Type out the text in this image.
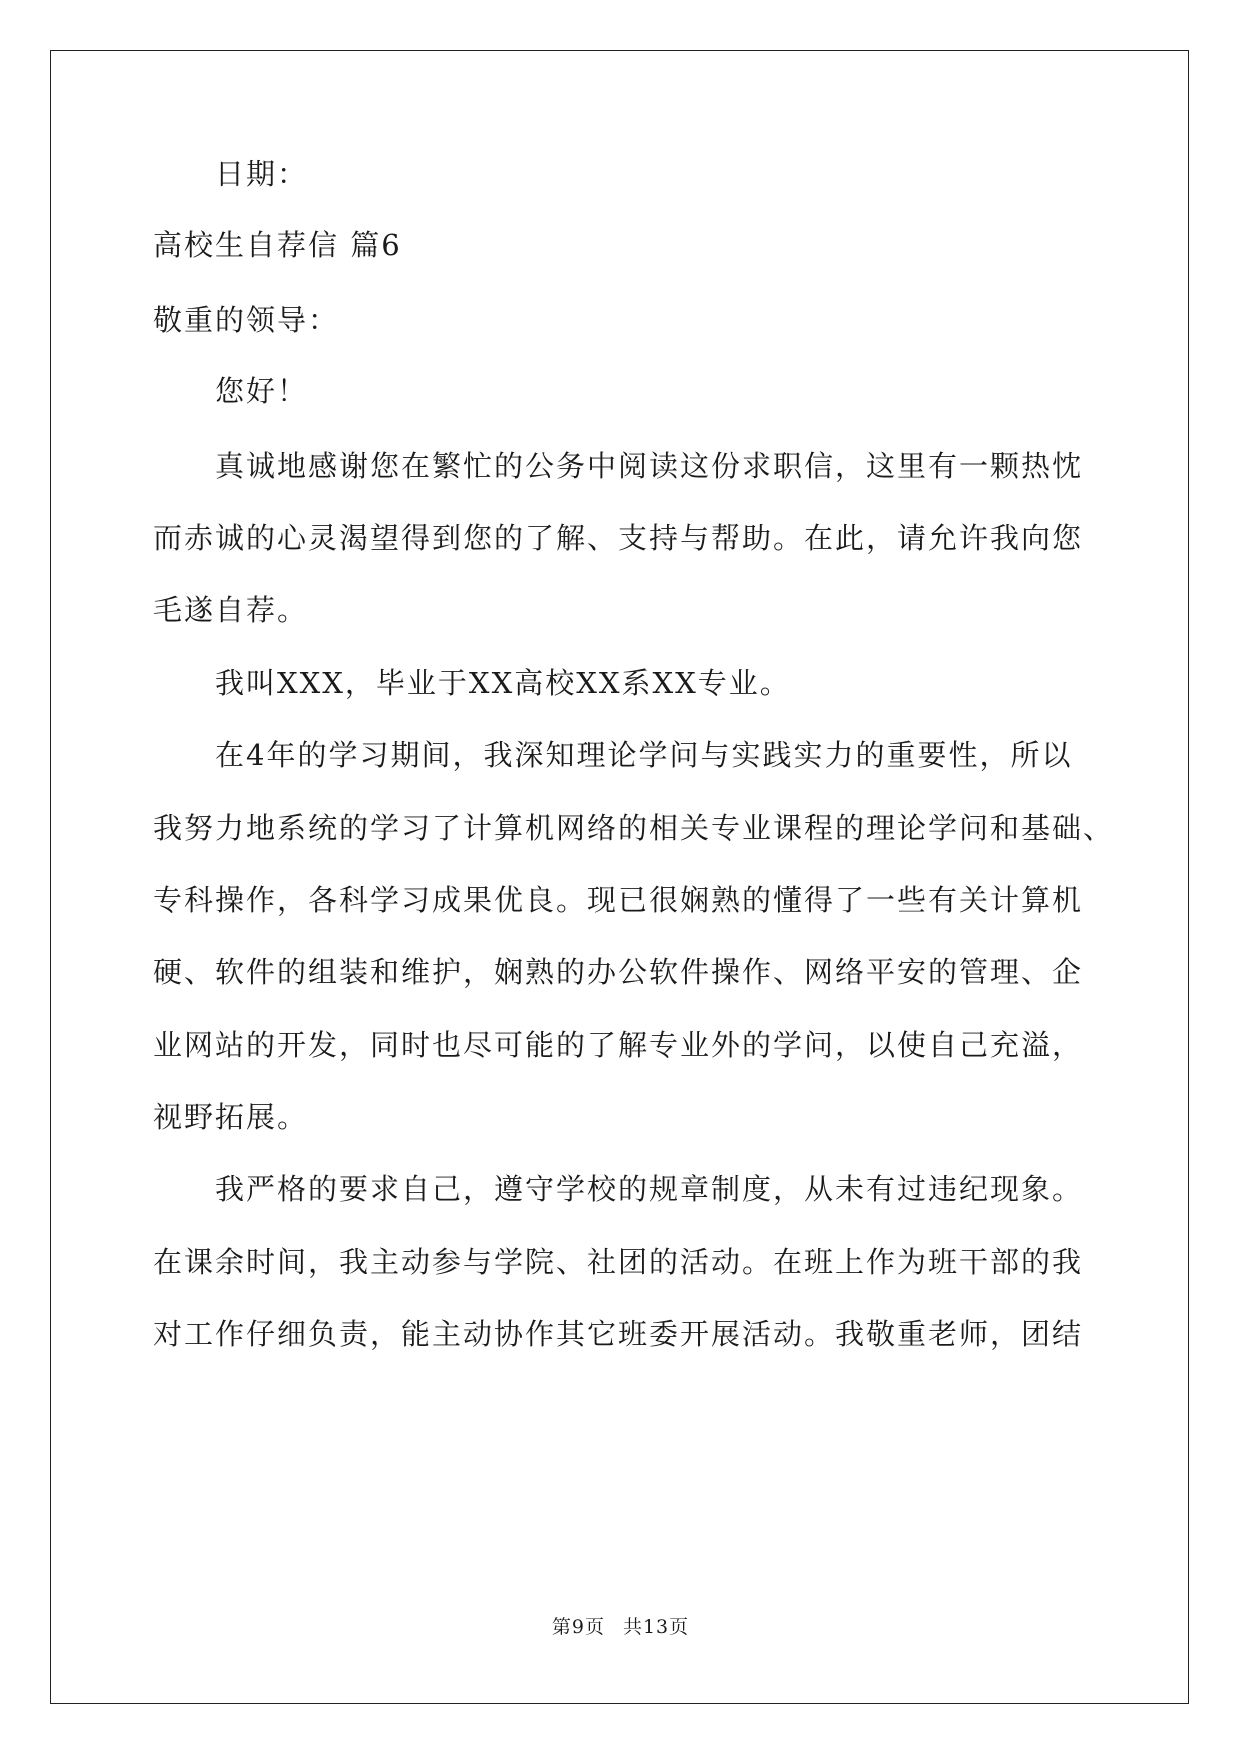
日期：
高校生自荐信 篇6
敬重的领导：
您好！
真诚地感谢您在繁忙的公务中阅读这份求职信，这里有一颗热忱
而赤诚的心灵渴望得到您的了解、支持与帮助。在此，请允许我向您
毛遂自荐。
我叫XXX，毕业于XX高校XX系XX专业。
在4年的学习期间，我深知理论学问与实践实力的重要性，所以
我努力地系统的学习了计算机网络的相关专业课程的理论学问和基础、
专科操作，各科学习成果优良。现已很娴熟的懂得了一些有关计算机
硬、软件的组装和维护，娴熟的办公软件操作、网络平安的管理、企
业网站的开发，同时也尽可能的了解专业外的学问，以使自己充溢，
视野拓展。
我严格的要求自己，遵守学校的规章制度，从未有过违纪现象。
在课余时间，我主动参与学院、社团的活动。在班上作为班干部的我
对工作仔细负责，能主动协作其它班委开展活动。我敬重老师，团结
第9页 共13页
